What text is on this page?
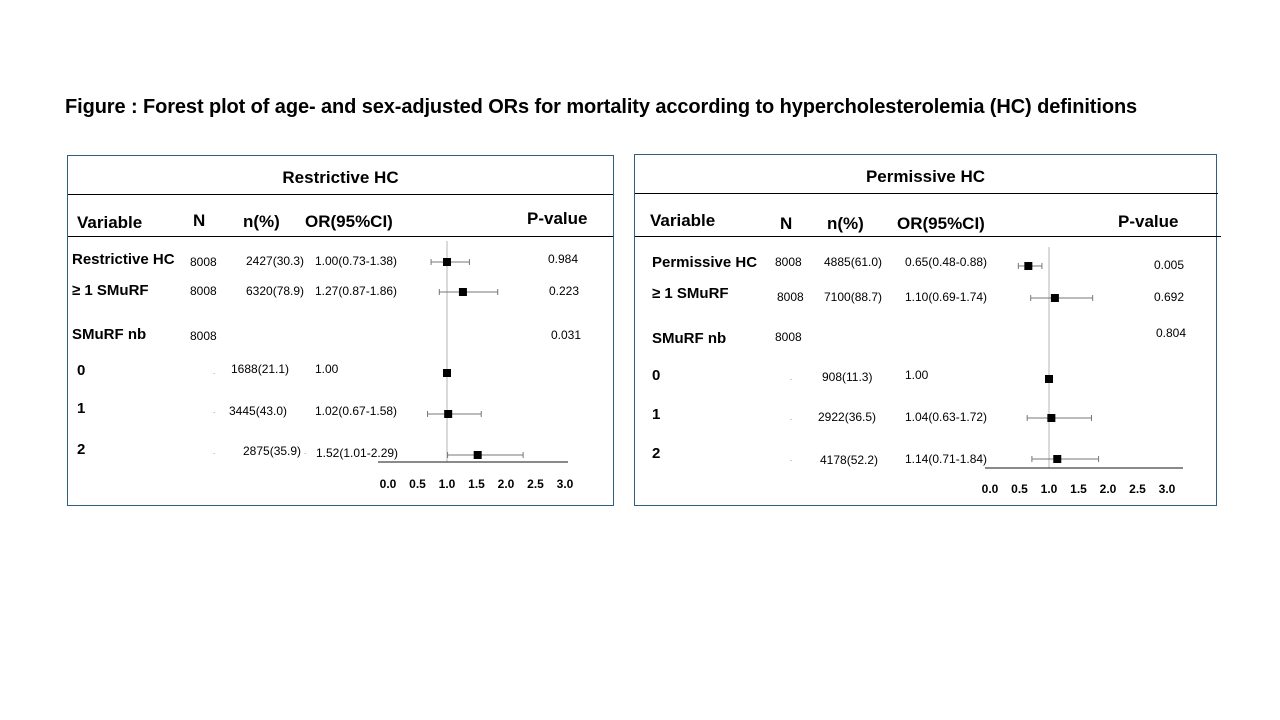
Figure : Forest plot of age- and sex-adjusted ORs for mortality according to hypercholesterolemia (HC) definitions
Restrictive HC
Variable	N n(%) OR(95%CI)	P-value
Restrictive HC	8008 2427(30.3) 1.00(0.73-1.38)	0.984
≥ 1 SMuRF	8008 6320(78.9) 1.27(0.87-1.86)	0.223
SMuRF nb	8008	0.031
0	. 1688(21.1) 1.00
1	. 3445(43.0) 1.02(0.67-1.58)
2	. 2875(35.9) . 1.52(1.01-2.29)
0.0 0.5 1.0 1.5 2.0 2.5 3.0
Permissive HC
Variable	N n(%) OR(95%CI)	P-value
Permissive HC 8008 4885(61.0) 0.65(0.48-0.88)	0.005
≥ 1 SMuRF	8008 7100(88.7) 1.10(0.69-1.74)	0.692
SMuRF nb	8008	0.804
0	. 908(11.3)	1.00
1	. 2922(36.5) 1.04(0.63-1.72)
2	. 4178(52.2) 1.14(0.71-1.84)
0.0 0.5 1.0 1.5 2.0 2.5 3.0
